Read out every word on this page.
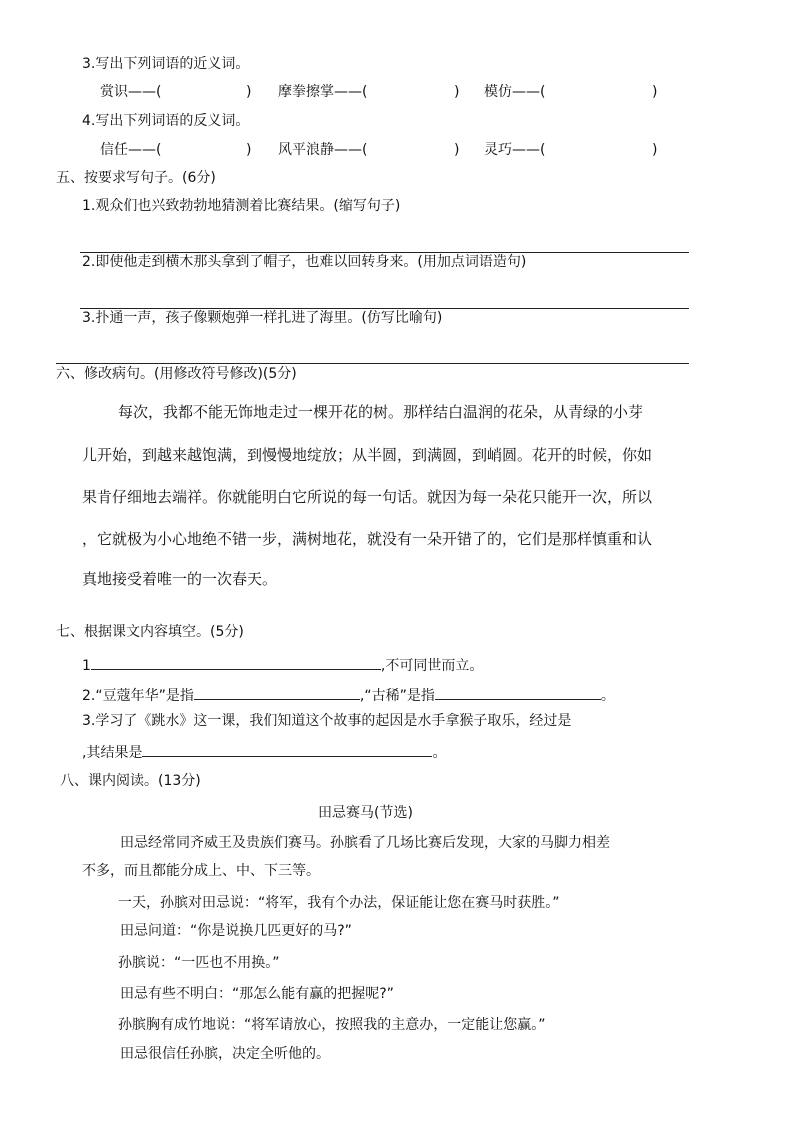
3.写出下列词语的近义词。
赏识——(	) 摩拳擦掌——(	) 模仿——(	)
4.写出下列词语的反义词。
信任——(	) 风平浪静——(	) 灵巧——(	)
五、按要求写句子。(6分)
1.观众们也兴致勃勃地猜测着比赛结果。(缩写句子)
2.即使他走到横木那头拿到了帽子，也难以回转身来。(用加点词语造句)
3.扑通一声，孩子像颗炮弹一样扎进了海里。(仿写比喻句)
六、修改病句。(用修改符号修改)(5分)
每次，我都不能无饰地走过一棵开花的树。那样结白温润的花朵，从青绿的小芽
儿开始，到越来越饱满，到慢慢地绽放；从半圆，到满圆，到峭圆。花开的时候，你如
果肯仔细地去端祥。你就能明白它所说的每一句话。就因为每一朵花只能开一次，所以
，它就极为小心地绝不错一步，满树地花，就没有一朵开错了的，它们是那样慎重和认
真地接受着唯一的一次春天。
七、根据课文内容填空。(5分)
1	,不可同世而立。
2.“豆蔻年华”是指	,“古稀”是指	。
3.学习了《跳水》这一课，我们知道这个故事的起因是水手拿猴子取乐，经过是
,其结果是	。
八、课内阅读。(13分)
田忌赛马(节选)
田忌经常同齐威王及贵族们赛马。孙膑看了几场比赛后发现，大家的马脚力相差
不多，而且都能分成上、中、下三等。
一天，孙膑对田忌说：“将军，我有个办法，保证能让您在赛马时获胜。”
田忌问道：“你是说换几匹更好的马?”
孙膑说：“一匹也不用换。”
田忌有些不明白：“那怎么能有赢的把握呢?”
孙膑胸有成竹地说：“将军请放心，按照我的主意办，一定能让您赢。”
田忌很信任孙膑，决定全听他的。
